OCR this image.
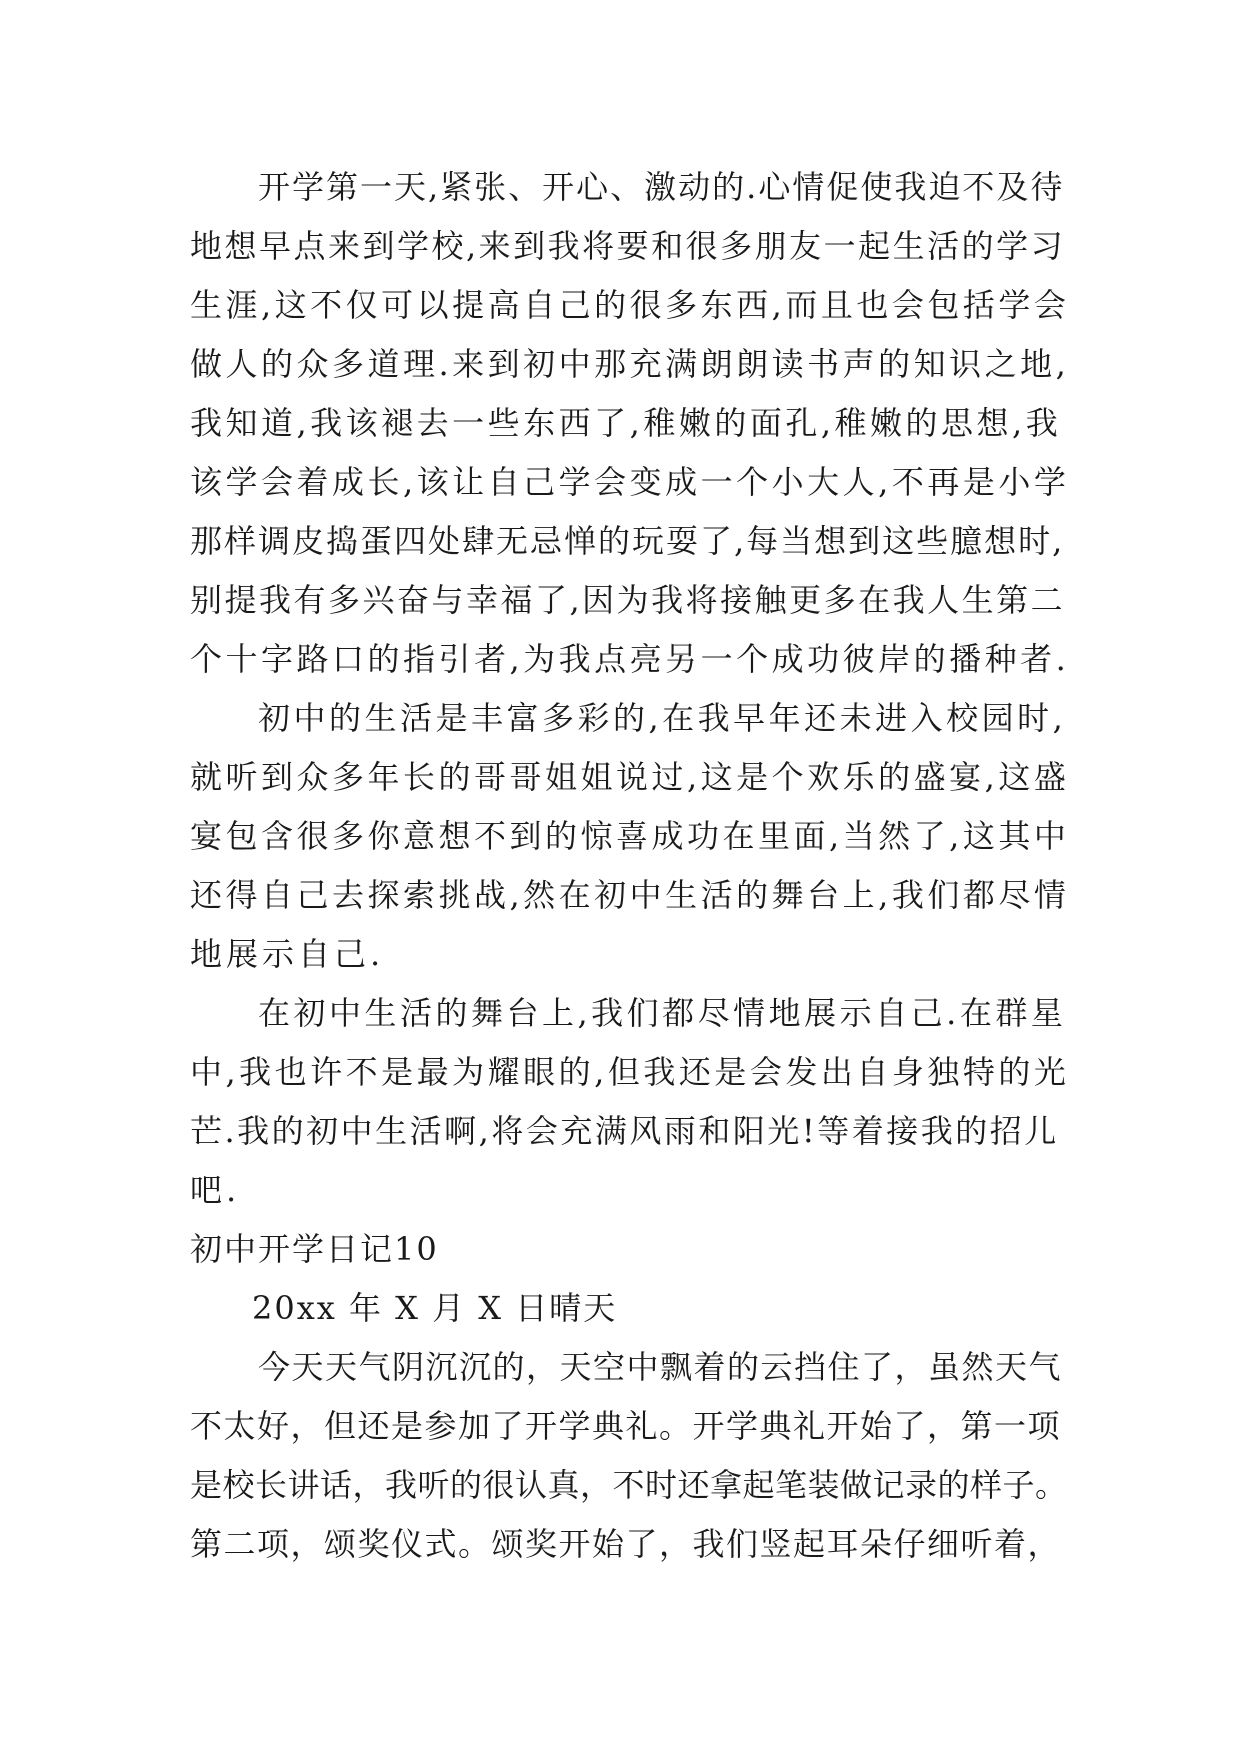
开学第一天,紧张、开心、激动的.心情促使我迫不及待
地想早点来到学校,来到我将要和很多朋友一起生活的学习
生涯,这不仅可以提高自己的很多东西,而且也会包括学会
做人的众多道理.来到初中那充满朗朗读书声的知识之地,
我知道,我该褪去一些东西了,稚嫩的面孔,稚嫩的思想,我
该学会着成长,该让自己学会变成一个小大人,不再是小学
那样调皮捣蛋四处肆无忌惮的玩耍了,每当想到这些臆想时,
别提我有多兴奋与幸福了,因为我将接触更多在我人生第二
个十字路口的指引者,为我点亮另一个成功彼岸的播种者.
初中的生活是丰富多彩的,在我早年还未进入校园时,
就听到众多年长的哥哥姐姐说过,这是个欢乐的盛宴,这盛
宴包含很多你意想不到的惊喜成功在里面,当然了,这其中
还得自己去探索挑战,然在初中生活的舞台上,我们都尽情
地展示自己.
在初中生活的舞台上,我们都尽情地展示自己.在群星
中,我也许不是最为耀眼的,但我还是会发出自身独特的光
芒.我的初中生活啊,将会充满风雨和阳光!等着接我的招儿
吧.
初中开学日记10
20xx 年 X 月 X 日晴天
今天天气阴沉沉的，天空中飘着的云挡住了，虽然天气
不太好，但还是参加了开学典礼。开学典礼开始了，第一项
是校长讲话，我听的很认真，不时还拿起笔装做记录的样子。
第二项，颂奖仪式。颂奖开始了，我们竖起耳朵仔细听着，
